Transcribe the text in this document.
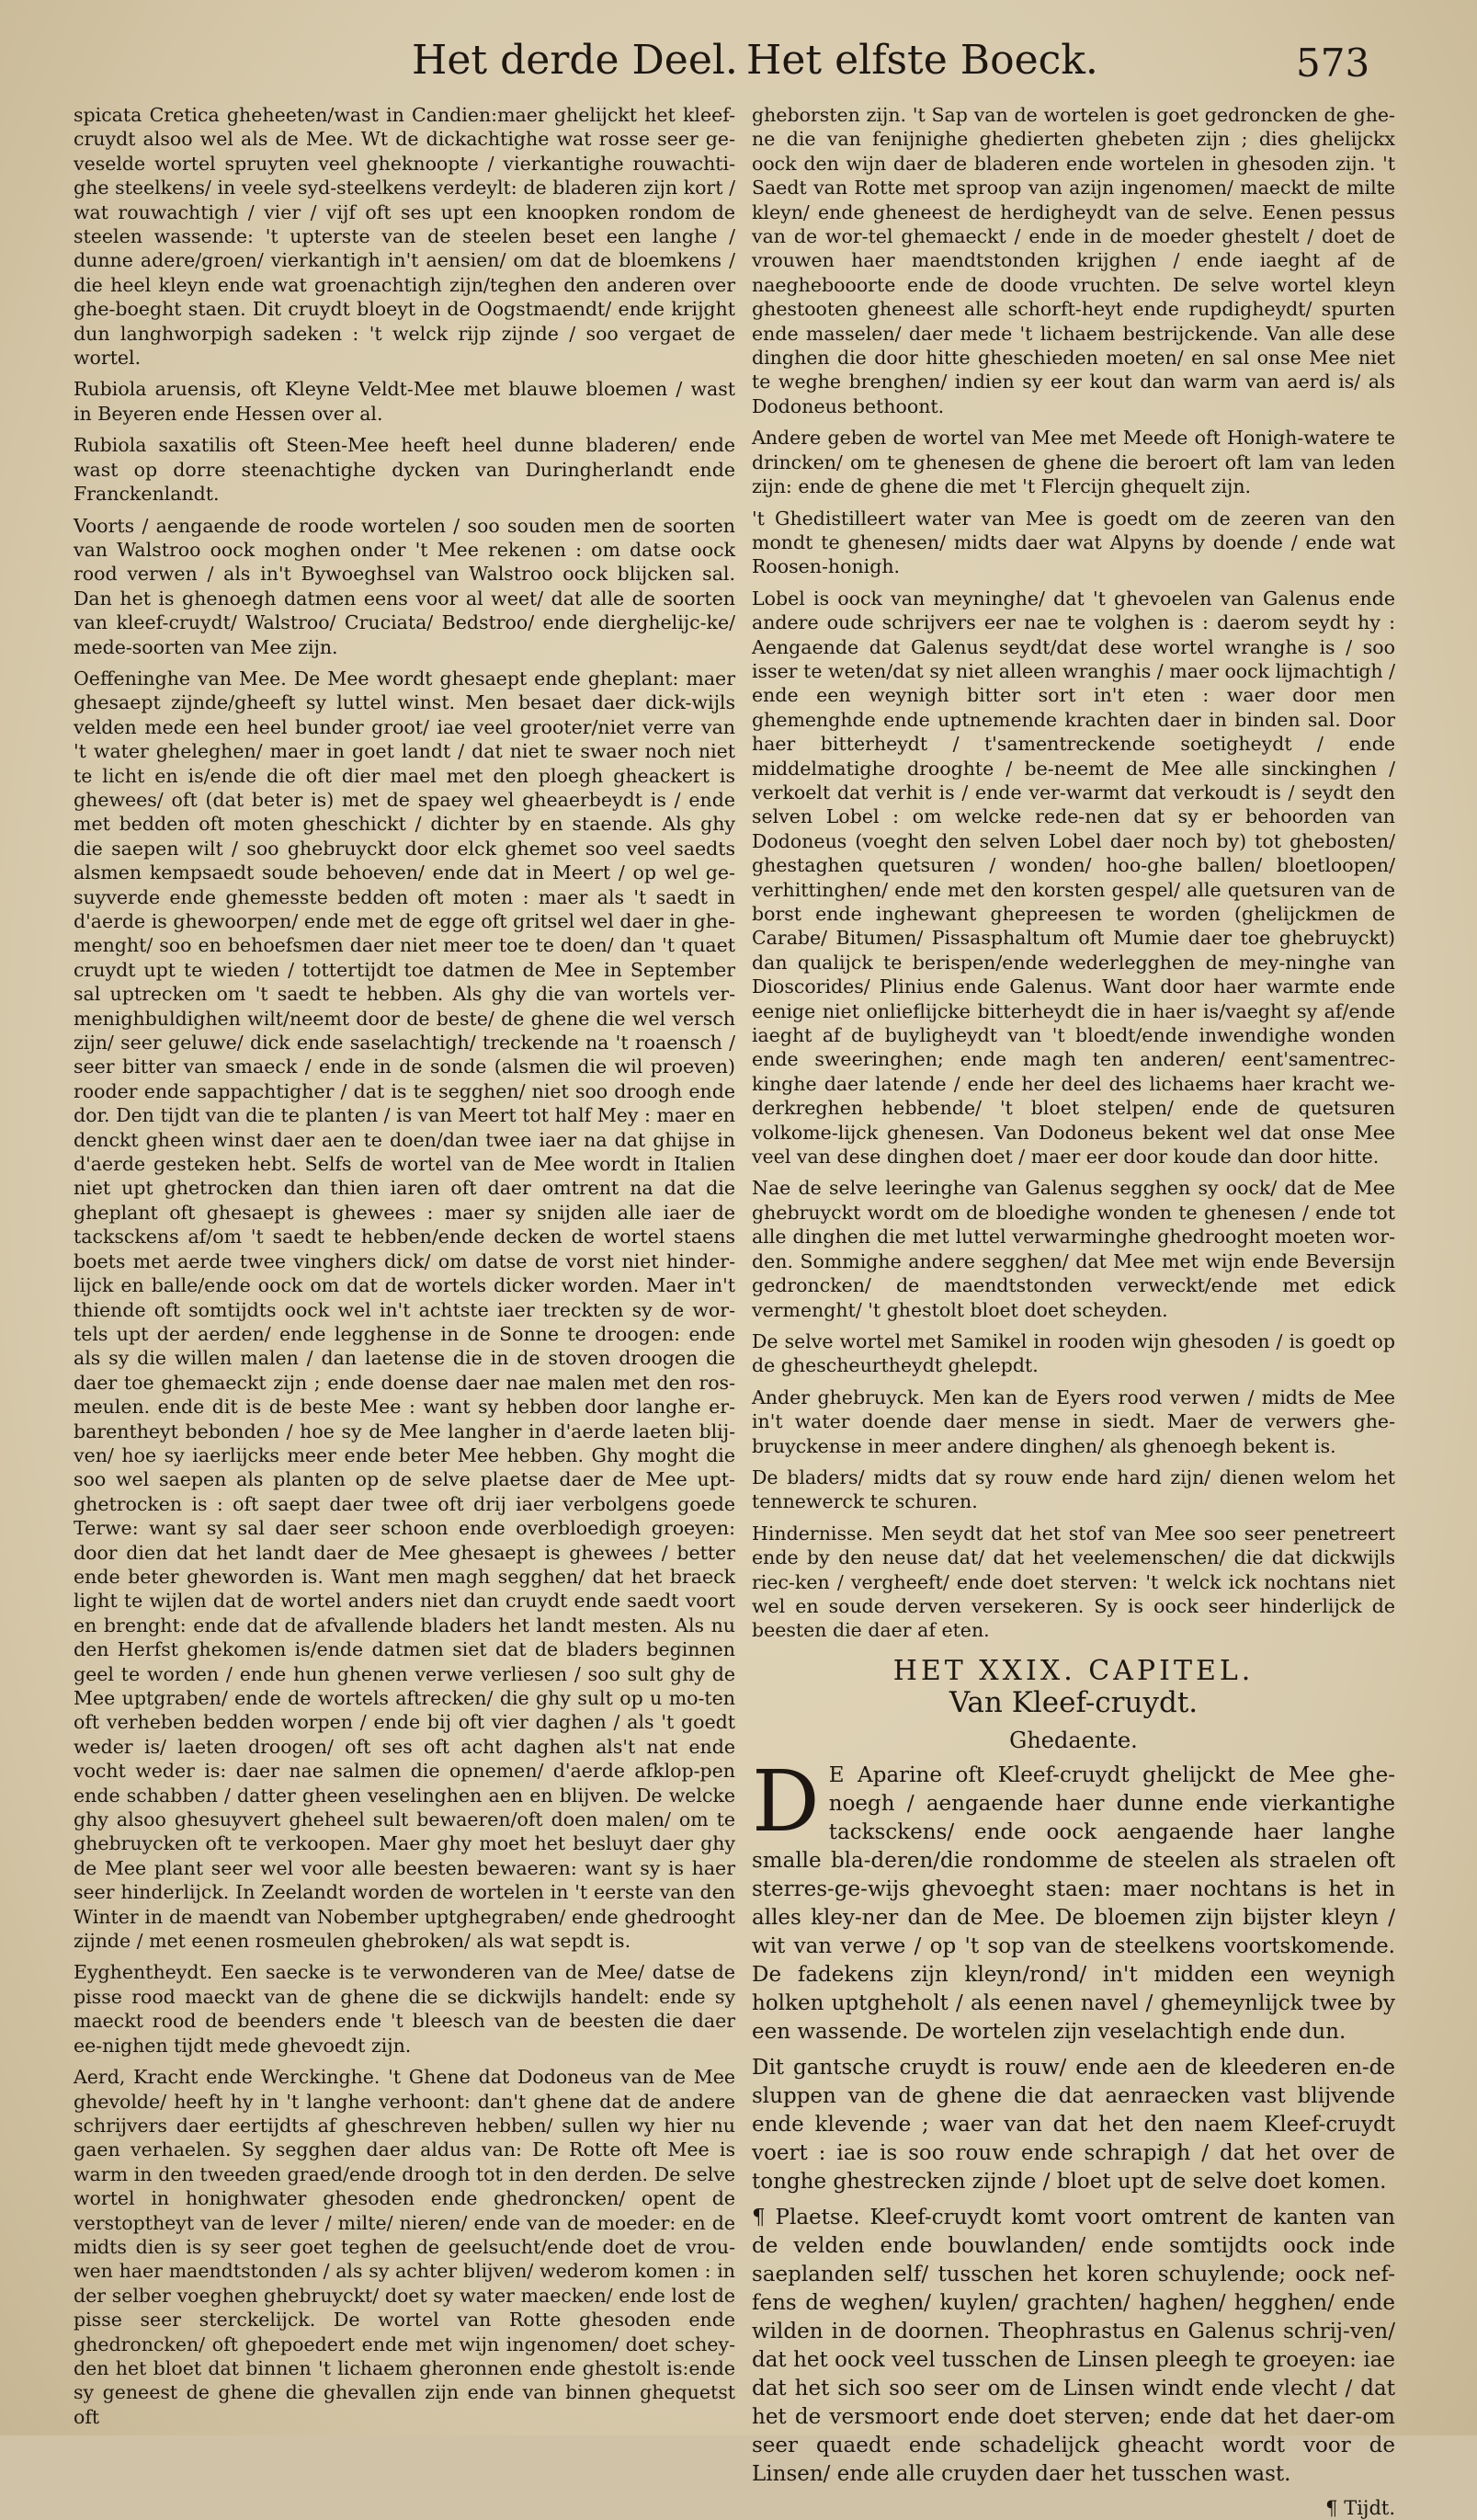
Het derde Deel. Het elfste Boeck.	573

spicata Cretica gheheeten/wast in Candien:maer ghelijckt het kleef-cruydt alsoo wel als de Mee. Wt de dickachtighe wat rosse seer ge-veselde wortel spruyten veel gheknoopte / vierkantighe rouwachti-ghe steelkens/ in veele syd-steelkens verdeylt: de bladeren zijn kort / wat rouwachtigh / vier / vijf oft ses upt een knoopken rondom de steelen wassende: 't upterste van de steelen beset een langhe / dunne adere/groen/ vierkantigh in't aensien/ om dat de bloemkens / die heel kleyn ende wat groenachtigh zijn/teghen den anderen over ghe-boeght staen. Dit cruydt bloeyt in de Oogstmaendt/ ende krijght dun langhworpigh sadeken : 't welck rijp zijnde / soo vergaet de wortel.

Rubiola aruensis, oft Kleyne Veldt-Mee met blauwe bloemen / wast in Beyeren ende Hessen over al.

Rubiola saxatilis oft Steen-Mee heeft heel dunne bladeren/ ende wast op dorre steenachtighe dycken van Duringherlandt ende Franckenlandt.

Voorts / aengaende de roode wortelen / soo souden men de soorten van Walstroo oock moghen onder 't Mee rekenen : om datse oock rood verwen / als in't Bywoeghsel van Walstroo oock blijcken sal. Dan het is ghenoegh datmen eens voor al weet/ dat alle de soorten van kleef-cruydt/ Walstroo/ Cruciata/ Bedstroo/ ende dierghelijc-ke/ mede-soorten van Mee zijn.

Oeffeninghe van Mee. De Mee wordt ghesaept ende gheplant: maer ghesaept zijnde/gheeft sy luttel winst. Men besaet daer dick-wijls velden mede een heel bunder groot/ iae veel grooter/niet verre van 't water gheleghen/ maer in goet landt / dat niet te swaer noch niet te licht en is/ende die oft dier mael met den ploegh gheackert is ghewees/ oft (dat beter is) met de spaey wel gheaerbeydt is / ende met bedden oft moten gheschickt / dichter by en staende. Als ghy die saepen wilt / soo ghebruyckt door elck ghemet soo veel saedts alsmen kempsaedt soude behoeven/ ende dat in Meert / op wel ge-suyverde ende ghemesste bedden oft moten : maer als 't saedt in d'aerde is ghewoorpen/ ende met de egge oft gritsel wel daer in ghe-menght/ soo en behoefsmen daer niet meer toe te doen/ dan 't quaet cruydt upt te wieden / tottertijdt toe datmen de Mee in September sal uptrecken om 't saedt te hebben. Als ghy die van wortels ver-menighbuldighen wilt/neemt door de beste/ de ghene die wel versch zijn/ seer geluwe/ dick ende saselachtigh/ treckende na 't roaensch / seer bitter van smaeck / ende in de sonde (alsmen die wil proeven) rooder ende sappachtigher / dat is te segghen/ niet soo droogh ende dor. Den tijdt van die te planten / is van Meert tot half Mey : maer en denckt gheen winst daer aen te doen/dan twee iaer na dat ghijse in d'aerde gesteken hebt. Selfs de wortel van de Mee wordt in Italien niet upt ghetrocken dan thien iaren oft daer omtrent na dat die gheplant oft ghesaept is ghewees : maer sy snijden alle iaer de tacksckens af/om 't saedt te hebben/ende decken de wortel staens boets met aerde twee vinghers dick/ om datse de vorst niet hinder-lijck en balle/ende oock om dat de wortels dicker worden. Maer in't thiende oft somtijdts oock wel in't achtste iaer treckten sy de wor-tels upt der aerden/ ende legghense in de Sonne te droogen: ende als sy die willen malen / dan laetense die in de stoven droogen die daer toe ghemaeckt zijn ; ende doense daer nae malen met den ros-meulen. ende dit is de beste Mee : want sy hebben door langhe er-barentheyt bebonden / hoe sy de Mee langher in d'aerde laeten blij-ven/ hoe sy iaerlijcks meer ende beter Mee hebben. Ghy moght die soo wel saepen als planten op de selve plaetse daer de Mee upt-ghetrocken is : oft saept daer twee oft drij iaer verbolgens goede Terwe: want sy sal daer seer schoon ende overbloedigh groeyen: door dien dat het landt daer de Mee ghesaept is ghewees / better ende beter gheworden is. Want men magh segghen/ dat het braeck light te wijlen dat de wortel anders niet dan cruydt ende saedt voort en brenght: ende dat de afvallende bladers het landt mesten. Als nu den Herfst ghekomen is/ende datmen siet dat de bladers beginnen geel te worden / ende hun ghenen verwe verliesen / soo sult ghy de Mee uptgraben/ ende de wortels aftrecken/ die ghy sult op u mo-ten oft verheben bedden worpen / ende bij oft vier daghen / als 't goedt weder is/ laeten droogen/ oft ses oft acht daghen als't nat ende vocht weder is: daer nae salmen die opnemen/ d'aerde afklop-pen ende schabben / datter gheen veselinghen aen en blijven. De welcke ghy alsoo ghesuyvert gheheel sult bewaeren/oft doen malen/ om te ghebruycken oft te verkoopen. Maer ghy moet het besluyt daer ghy de Mee plant seer wel voor alle beesten bewaeren: want sy is haer seer hinderlijck. In Zeelandt worden de wortelen in 't eerste van den Winter in de maendt van Nobember uptghegraben/ ende ghedrooght zijnde / met eenen rosmeulen ghebroken/ als wat sepdt is.

Eyghentheydt. Een saecke is te verwonderen van de Mee/ datse de pisse rood maeckt van de ghene die se dickwijls handelt: ende sy maeckt rood de beenders ende 't bleesch van de beesten die daer ee-nighen tijdt mede ghevoedt zijn.

Aerd, Kracht ende Werckinghe. 't Ghene dat Dodoneus van de Mee ghevolde/ heeft hy in 't langhe verhoont: dan't ghene dat de andere schrijvers daer eertijdts af gheschreven hebben/ sullen wy hier nu gaen verhaelen. Sy segghen daer aldus van: De Rotte oft Mee is warm in den tweeden graed/ende droogh tot in den derden. De selve wortel in honighwater ghesoden ende ghedroncken/ opent de verstoptheyt van de lever / milte/ nieren/ ende van de moeder: en de midts dien is sy seer goet teghen de geelsucht/ende doet de vrou-wen haer maendtstonden / als sy achter blijven/ wederom komen : in der selber voeghen ghebruyckt/ doet sy water maecken/ ende lost de pisse seer sterckelijck. De wortel van Rotte ghesoden ende ghedroncken/ oft ghepoedert ende met wijn ingenomen/ doet schey-den het bloet dat binnen 't lichaem gheronnen ende ghestolt is:ende sy geneest de ghene die ghevallen zijn ende van binnen ghequetst oft

gheborsten zijn. 't Sap van de wortelen is goet gedroncken de ghe-ne die van fenijnighe ghedierten ghebeten zijn ; dies ghelijckx oock den wijn daer de bladeren ende wortelen in ghesoden zijn. 't Saedt van Rotte met sproop van azijn ingenomen/ maeckt de milte kleyn/ ende gheneest de herdigheydt van de selve. Eenen pessus van de wor-tel ghemaeckt / ende in de moeder ghestelt / doet de vrouwen haer maendtstonden krijghen / ende iaeght af de naeghebooorte ende de doode vruchten. De selve wortel kleyn ghestooten gheneest alle schorft-heyt ende rupdigheydt/ spurten ende masselen/ daer mede 't lichaem bestrijckende. Van alle dese dinghen die door hitte gheschieden moeten/ en sal onse Mee niet te weghe brenghen/ indien sy eer kout dan warm van aerd is/ als Dodoneus bethoont.

Andere geben de wortel van Mee met Meede oft Honigh-watere te drincken/ om te ghenesen de ghene die beroert oft lam van leden zijn: ende de ghene die met 't Flercijn ghequelt zijn.

't Ghedistilleert water van Mee is goedt om de zeeren van den mondt te ghenesen/ midts daer wat Alpyns by doende / ende wat Roosen-honigh.

Lobel is oock van meyninghe/ dat 't ghevoelen van Galenus ende andere oude schrijvers eer nae te volghen is : daerom seydt hy : Aengaende dat Galenus seydt/dat dese wortel wranghe is / soo isser te weten/dat sy niet alleen wranghis / maer oock lijmachtigh / ende een weynigh bitter sort in't eten : waer door men ghemenghde ende uptnemende krachten daer in binden sal. Door haer bitterheydt / t'samentreckende soetigheydt / ende middelmatighe drooghte / be-neemt de Mee alle sinckinghen / verkoelt dat verhit is / ende ver-warmt dat verkoudt is / seydt den selven Lobel : om welcke rede-nen dat sy er behoorden van Dodoneus (voeght den selven Lobel daer noch by) tot ghebosten/ ghestaghen quetsuren / wonden/ hoo-ghe ballen/ bloetloopen/ verhittinghen/ ende met den korsten gespel/ alle quetsuren van de borst ende inghewant ghepreesen te worden (ghelijckmen de Carabe/ Bitumen/ Pissasphaltum oft Mumie daer toe ghebruyckt) dan qualijck te berispen/ende wederlegghen de mey-ninghe van Dioscorides/ Plinius ende Galenus. Want door haer warmte ende eenige niet onlieflijcke bitterheydt die in haer is/vaeght sy af/ende iaeght af de buyligheydt van 't bloedt/ende inwendighe wonden ende sweeringhen; ende magh ten anderen/ eent'samentrec-kinghe daer latende / ende her deel des lichaems haer kracht we-derkreghen hebbende/ 't bloet stelpen/ ende de quetsuren volkome-lijck ghenesen. Van Dodoneus bekent wel dat onse Mee veel van dese dinghen doet / maer eer door koude dan door hitte.

Nae de selve leeringhe van Galenus segghen sy oock/ dat de Mee ghebruyckt wordt om de bloedighe wonden te ghenesen / ende tot alle dinghen die met luttel verwarminghe ghedrooght moeten wor-den. Sommighe andere segghen/ dat Mee met wijn ende Beversijn gedroncken/ de maendtstonden verweckt/ende met edick vermenght/ 't ghestolt bloet doet scheyden.

De selve wortel met Samikel in rooden wijn ghesoden / is goedt op de ghescheurtheydt ghelepdt.

Ander ghebruyck. Men kan de Eyers rood verwen / midts de Mee in't water doende daer mense in siedt. Maer de verwers ghe-bruyckense in meer andere dinghen/ als ghenoegh bekent is.

De bladers/ midts dat sy rouw ende hard zijn/ dienen welom het tennewerck te schuren.

Hindernisse. Men seydt dat het stof van Mee soo seer penetreert ende by den neuse dat/ dat het veelemenschen/ die dat dickwijls riec-ken / vergheeft/ ende doet sterven: 't welck ick nochtans niet wel en soude derven versekeren. Sy is oock seer hinderlijck de beesten die daer af eten.

HET XXIX. CAPITEL.
Van Kleef-cruydt.
Ghedaente.
D E Aparine oft Kleef-cruydt ghelijckt de Mee ghe-noegh / aengaende haer dunne ende vierkantighe tacksckens/ ende oock aengaende haer langhe smalle bla-deren/die rondomme de steelen als straelen oft sterres-ge-wijs ghevoeght staen: maer nochtans is het in alles kley-ner dan de Mee. De bloemen zijn bijster kleyn / wit van verwe / op 't sop van de steelkens voortskomende. De fadekens zijn kleyn/rond/ in't midden een weynigh holken uptgheholt / als eenen navel / ghemeynlijck twee by een wassende. De wortelen zijn veselachtigh ende dun.

Dit gantsche cruydt is rouw/ ende aen de kleederen en-de sluppen van de ghene die dat aenraecken vast blijvende ende klevende ; waer van dat het den naem Kleef-cruydt voert : iae is soo rouw ende schrapigh / dat het over de tonghe ghestrecken zijnde / bloet upt de selve doet komen.

¶ Plaetse. Kleef-cruydt komt voort omtrent de kanten van de velden ende bouwlanden/ ende somtijdts oock inde saeplanden self/ tusschen het koren schuylende; oock nef-fens de weghen/ kuylen/ grachten/ haghen/ hegghen/ ende wilden in de doornen. Theophrastus en Galenus schrij-ven/ dat het oock veel tusschen de Linsen pleegh te groeyen: iae dat het sich soo seer om de Linsen windt ende vlecht / dat het de versmoort ende doet sterven; ende dat het daer-om seer quaedt ende schadelijck gheacht wordt voor de Linsen/ ende alle cruyden daer het tusschen wast.

¶ Tijdt.
